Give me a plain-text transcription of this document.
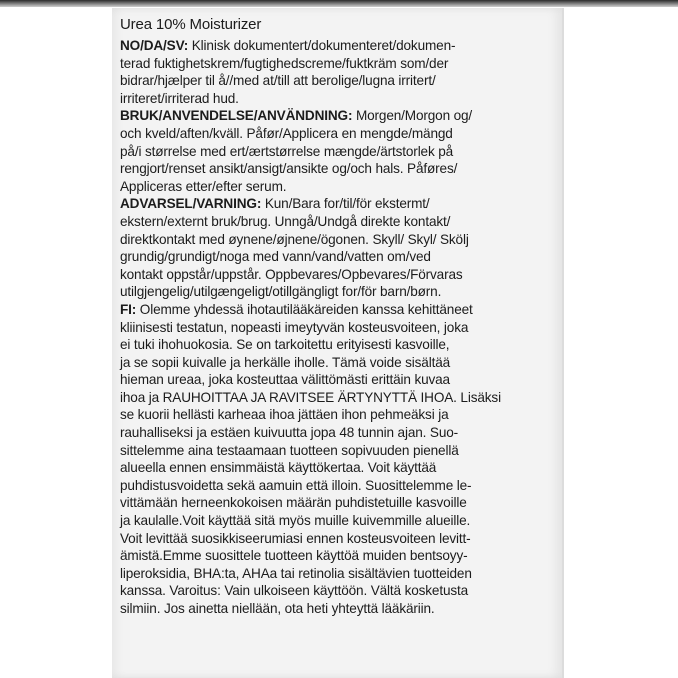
Urea 10% Moisturizer
NO/DA/SV: Klinisk dokumentert/dokumenteret/dokumen-
terad fuktighetskrem/fugtighedscreme/fuktkräm som/der
bidrar/hjælper til å//med at/till att berolige/lugna irritert/
irriteret/irriterad hud.
BRUK/ANVENDELSE/ANVÄNDNING: Morgen/Morgon og/
och kveld/aften/kväll. Påfør/Applicera en mengde/mängd
på/i størrelse med ert/ærtstørrelse mængde/ärtstorlek på
rengjort/renset ansikt/ansigt/ansikte og/och hals. Påføres/
Appliceras etter/efter serum.
ADVARSEL/VARNING: Kun/Bara for/til/för ekstermt/
ekstern/externt bruk/brug. Unngå/Undgå direkte kontakt/
direktkontakt med øynene/øjnene/ögonen. Skyll/ Skyl/ Skölj
grundig/grundigt/noga med vann/vand/vatten om/ved
kontakt oppstår/uppstår. Oppbevares/Opbevares/Förvaras
utilgjengelig/utilgængeligt/otillgängligt for/för barn/børn.
FI: Olemme yhdessä ihotautilääkäreiden kanssa kehittäneet
kliinisesti testatun, nopeasti imeytyvän kosteusvoiteen, joka
ei tuki ihohuokosia. Se on tarkoitettu erityisesti kasvoille,
ja se sopii kuivalle ja herkälle iholle. Tämä voide sisältää
hieman ureaa, joka kosteuttaa välittömästi erittäin kuvaa
ihoa ja RAUHOITTAA JA RAVITSEE ÄRTYNYTTÄ IHOA. Lisäksi
se kuorii hellästi karheaa ihoa jättäen ihon pehmeäksi ja
rauhalliseksi ja estäen kuivuutta jopa 48 tunnin ajan. Suo-
sittelemme aina testaamaan tuotteen sopivuuden pienellä
alueella ennen ensimmäistä käyttökertaa. Voit käyttää
puhdistusvoidetta sekä aamuin että illoin. Suosittelemme le-
vittämään herneenkokoisen määrän puhdistetuille kasvoille
ja kaulalle.Voit käyttää sitä myös muille kuivemmille alueille.
Voit levittää suosikkiseerumiasi ennen kosteusvoiteen levitt-
ämistä.Emme suosittele tuotteen käyttöä muiden bentsoyy-
liperoksidia, BHA:ta, AHAa tai retinolia sisältävien tuotteiden
kanssa. Varoitus: Vain ulkoiseen käyttöön. Vältä kosketusta
silmiin. Jos ainetta niellään, ota heti yhteyttä lääkäriin.
